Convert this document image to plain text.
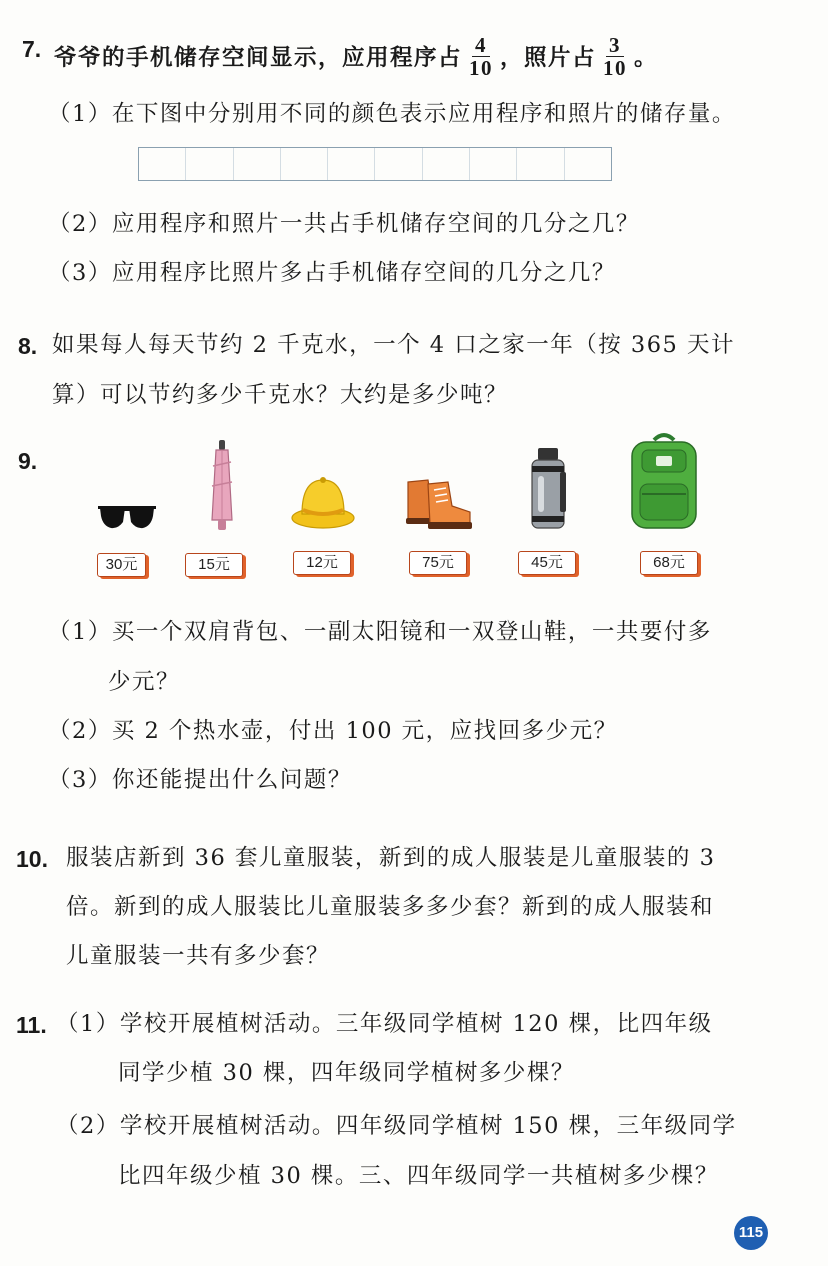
7. 爷爷的手机储存空间显示，应用程序占 $\frac{4}{10}$ ，照片占 $\frac{3}{10}$ 。
（1）在下图中分别用不同的颜色表示应用程序和照片的储存量。
（2）应用程序和照片一共占手机储存空间的几分之几？
（3）应用程序比照片多占手机储存空间的几分之几？
8. 如果每人每天节约 2 千克水，一个 4 口之家一年（按 365 天计
算）可以节约多少千克水？大约是多少吨？
9.
30元	15元	12元	75元	45元	68元
（1）买一个双肩背包、一副太阳镜和一双登山鞋，一共要付多
少元？
（2）买 2 个热水壶，付出 100 元，应找回多少元？
（3）你还能提出什么问题？
10. 服装店新到 36 套儿童服装，新到的成人服装是儿童服装的 3
倍。新到的成人服装比儿童服装多多少套？新到的成人服装和
儿童服装一共有多少套？
11. （1）学校开展植树活动。三年级同学植树 120 棵，比四年级
同学少植 30 棵，四年级同学植树多少棵？
（2）学校开展植树活动。四年级同学植树 150 棵，三年级同学
比四年级少植 30 棵。三、四年级同学一共植树多少棵？
115
